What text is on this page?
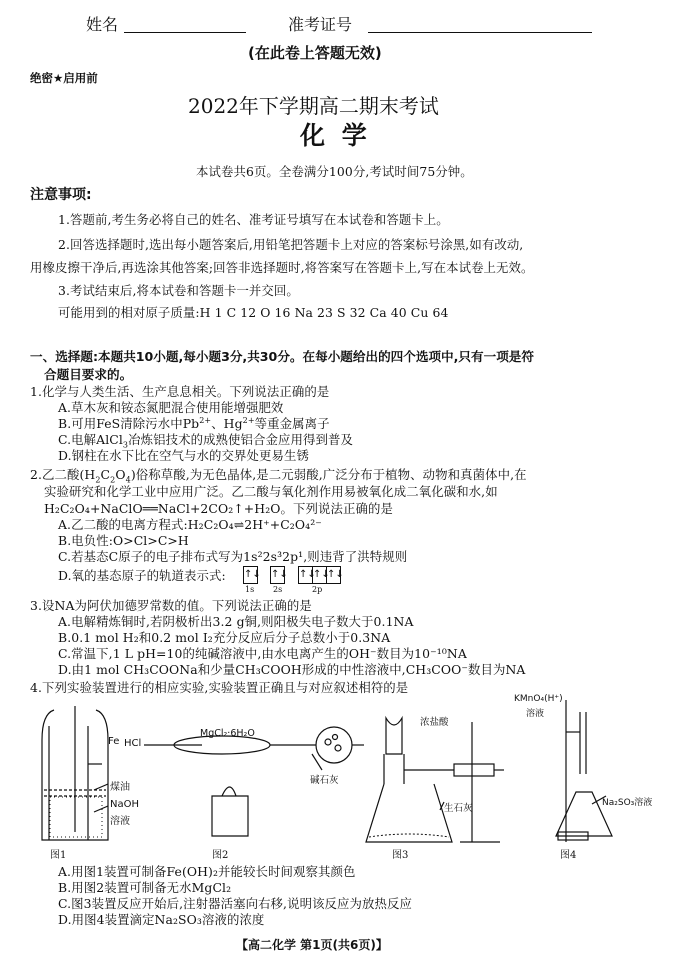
姓名	准考证号
(在此卷上答题无效)
绝密★启用前
2022年下学期高二期末考试
化 学
本试卷共6页。全卷满分100分,考试时间75分钟。
注意事项:
1.答题前,考生务必将自己的姓名、准考证号填写在本试卷和答题卡上。
2.回答选择题时,选出每小题答案后,用铅笔把答题卡上对应的答案标号涂黑,如有改动,
用橡皮擦干净后,再选涂其他答案;回答非选择题时,将答案写在答题卡上,写在本试卷上无效。
3.考试结束后,将本试卷和答题卡一并交回。
可能用到的相对原子质量:H 1 C 12 O 16 Na 23 S 32 Ca 40 Cu 64
一、选择题:本题共10小题,每小题3分,共30分。在每小题给出的四个选项中,只有一项是符
合题目要求的。
1.化学与人类生活、生产息息相关。下列说法正确的是
A.草木灰和铵态氮肥混合使用能增强肥效
B.可用FeS清除污水中$Pb^{2+}$、$Hg^{2+}$等重金属离子
C.电解AlCl$_3$冶炼铝技术的成熟使铝合金应用得到普及
D.钢柱在水下比在空气与水的交界处更易生锈
2.乙二酸$(H_2C_2O_4)$俗称草酸,为无色晶体,是二元弱酸,广泛分布于植物、动物和真菌体中,在
实验研究和化学工业中应用广泛。乙二酸与氧化剂作用易被氧化成二氧化碳和水,如
H₂C₂O₄+NaClO══NaCl+2CO₂↑+H₂O。下列说法正确的是
A.乙二酸的电离方程式:H₂C₂O₄⇌2H⁺+C₂O₄²⁻
B.电负性:O>Cl>C>H
C.若基态C原子的电子排布式写为1s²2s³2p¹,则违背了洪特规则
D.氧的基态原子的轨道表示式: ↑↓ ↑↓ ↑↓
↑↓
↑↓
1s 2s	2p
3.设NA为阿伏加德罗常数的值。下列说法正确的是
A.电解精炼铜时,若阴极析出3.2 g铜,则阳极失电子数大于0.1NA
B.0.1 mol H₂和0.2 mol I₂充分反应后分子总数小于0.3NA
C.常温下,1 L pH=10的纯碱溶液中,由水电离产生的OH⁻数目为10⁻¹⁰NA
D.由1 mol CH₃COONa和少量CH₃COOH形成的中性溶液中,CH₃COO⁻数目为NA
4.下列实验装置进行的相应实验,实验装置正确且与对应叙述相符的是
Fe
煤油
NaOH
溶液
HCl
MgCl₂·6H₂O
碱石灰
浓盐酸
生石灰
KMnO₄(H⁺)
溶液
Na₂SO₃溶液
图1	图2	图3	图4
A.用图1装置可制备Fe(OH)₂并能较长时间观察其颜色
B.用图2装置可制备无水MgCl₂
C.图3装置反应开始后,注射器活塞向右移,说明该反应为放热反应
D.用图4装置滴定Na₂SO₃溶液的浓度
【高二化学 第1页(共6页)】
